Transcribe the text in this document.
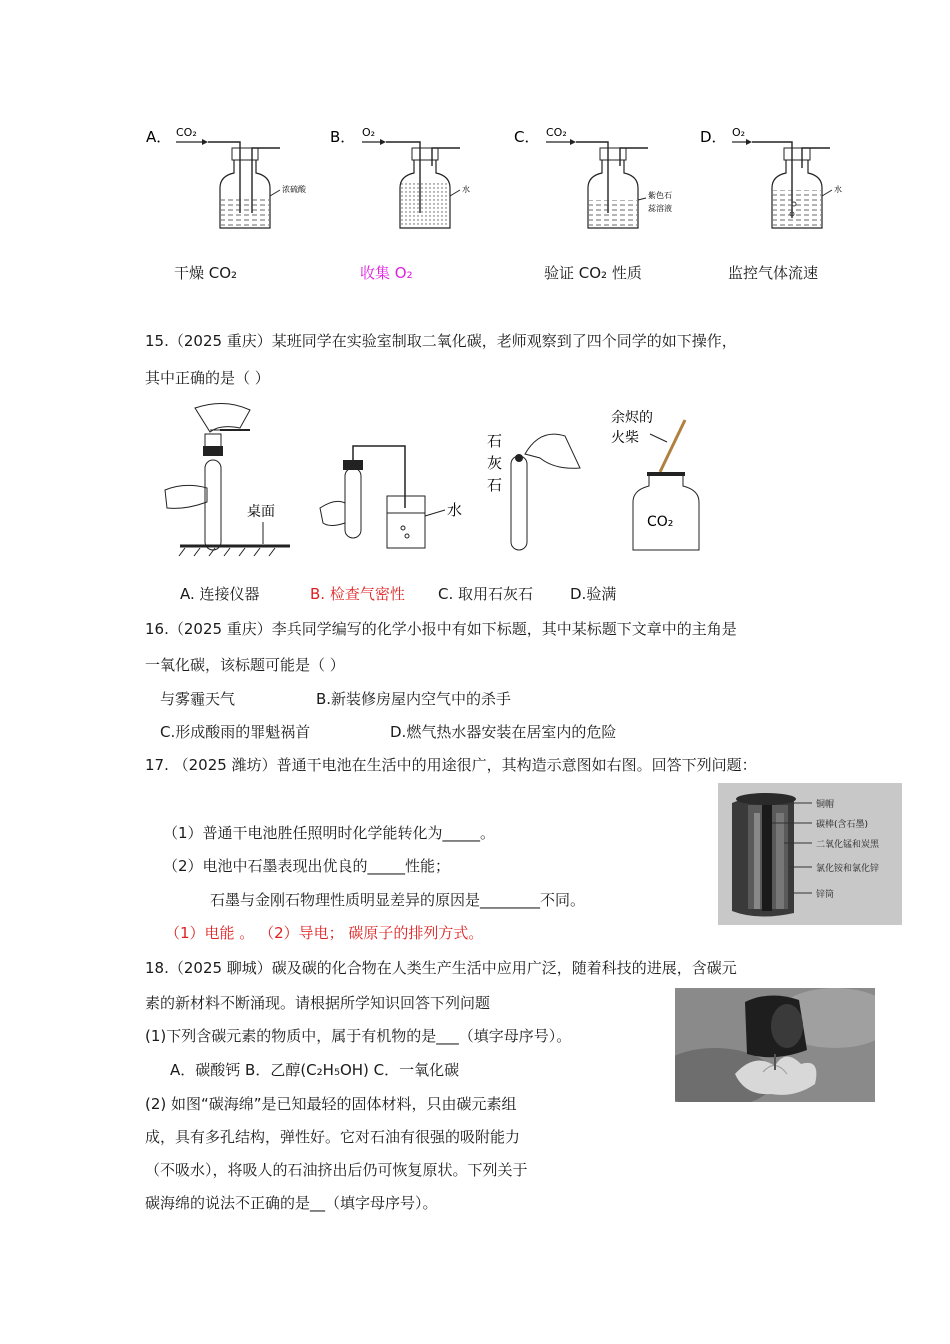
A． CO₂
浓硫酸
B． O₂
水
C． CO₂
紫色石
蕊溶液
D． O₂
水
干燥 CO₂	收集 O₂	验证 CO₂ 性质	监控气体流速
15.（2025 重庆）某班同学在实验室制取二氧化碳，老师观察到了四个同学的如下操作，
其中正确的是（ ）
桌面	水
石
灰
石
余烬的
火柴
CO₂
A. 连接仪器	B. 检查气密性 C. 取用石灰石 D.验满
16.（2025 重庆）李兵同学编写的化学小报中有如下标题，其中某标题下文章中的主角是
一氧化碳，该标题可能是（ ）
与雾霾天气	B.新装修房屋内空气中的杀手
C.形成酸雨的罪魁祸首	D.燃气热水器安装在居室内的危险
17. （2025 潍坊）普通干电池在生活中的用途很广，其构造示意图如右图。回答下列问题：
（1）普通干电池胜任照明时化学能转化为_____。
（2）电池中石墨表现出优良的_____性能；
石墨与金刚石物理性质明显差异的原因是________不同。
（1）电能 。 （2）导电； 碳原子的排列方式。
铜帽
碳棒(含石墨)
二氧化锰和炭黑
氯化铵和氯化锌
锌筒
18.（2025 聊城）碳及碳的化合物在人类生产生活中应用广泛，随着科技的进展，含碳元
素的新材料不断涌现。请根据所学知识回答下列问题
(1)下列含碳元素的物质中，属于有机物的是___（填字母序号）。
A．碳酸钙 B．乙醇(C₂H₅OH) C．一氧化碳
(2) 如图“碳海绵”是已知最轻的固体材料，只由碳元素组
成，具有多孔结构，弹性好。它对石油有很强的吸附能力
（不吸水），将吸人的石油挤出后仍可恢复原状。下列关于
碳海绵的说法不正确的是__（填字母序号）。
